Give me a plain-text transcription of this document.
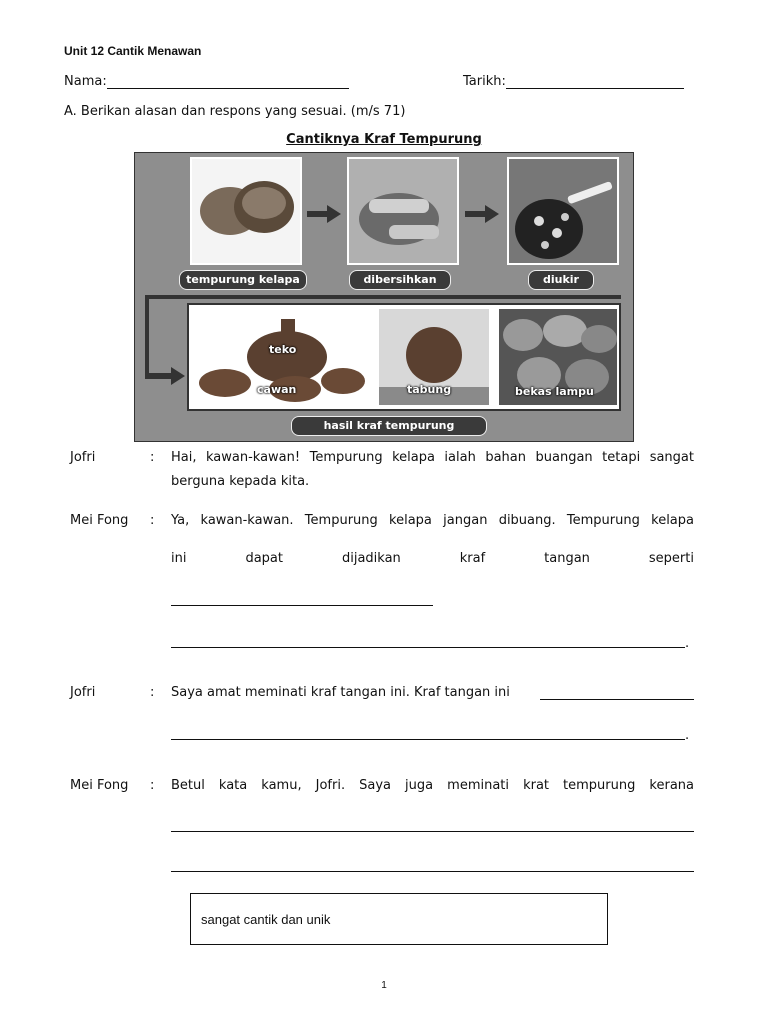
Unit 12 Cantik Menawan
Nama:	Tarikh:
A. Berikan alasan dan respons yang sesuai. (m/s 71)
Cantiknya Kraf Tempurung
tempurung kelapa	dibersihkan	diukir
teko
cawan	tabung	bekas lampu
hasil kraf tempurung
Jofri	: Hai, kawan-kawan! Tempurung kelapa ialah bahan buangan tetapi sangat
berguna kepada kita.
Mei Fong : Ya, kawan-kawan. Tempurung kelapa jangan dibuang. Tempurung kelapa
ini dapat dijadikan kraf tangan seperti
.
Jofri	: Saya amat meminati kraf tangan ini. Kraf tangan ini
.
Mei Fong : Betul kata kamu, Jofri. Saya juga meminati krat tempurung kerana
sangat cantik dan unik
1
